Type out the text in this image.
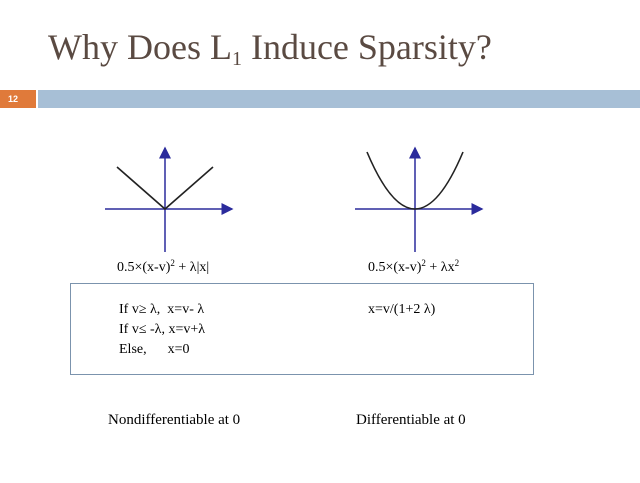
Why Does $L_1$ Induce Sparsity?
12
$0.5\times(x-v)^2 + \lambda|x|$	$0.5\times(x-v)^2 + \lambda x^2$
If v≥ λ,  x=v- λ
If v≤ -λ, x=v+λ
Else,      x=0
x=v/(1+2 λ)
Nondifferentiable at 0	Differentiable at 0
